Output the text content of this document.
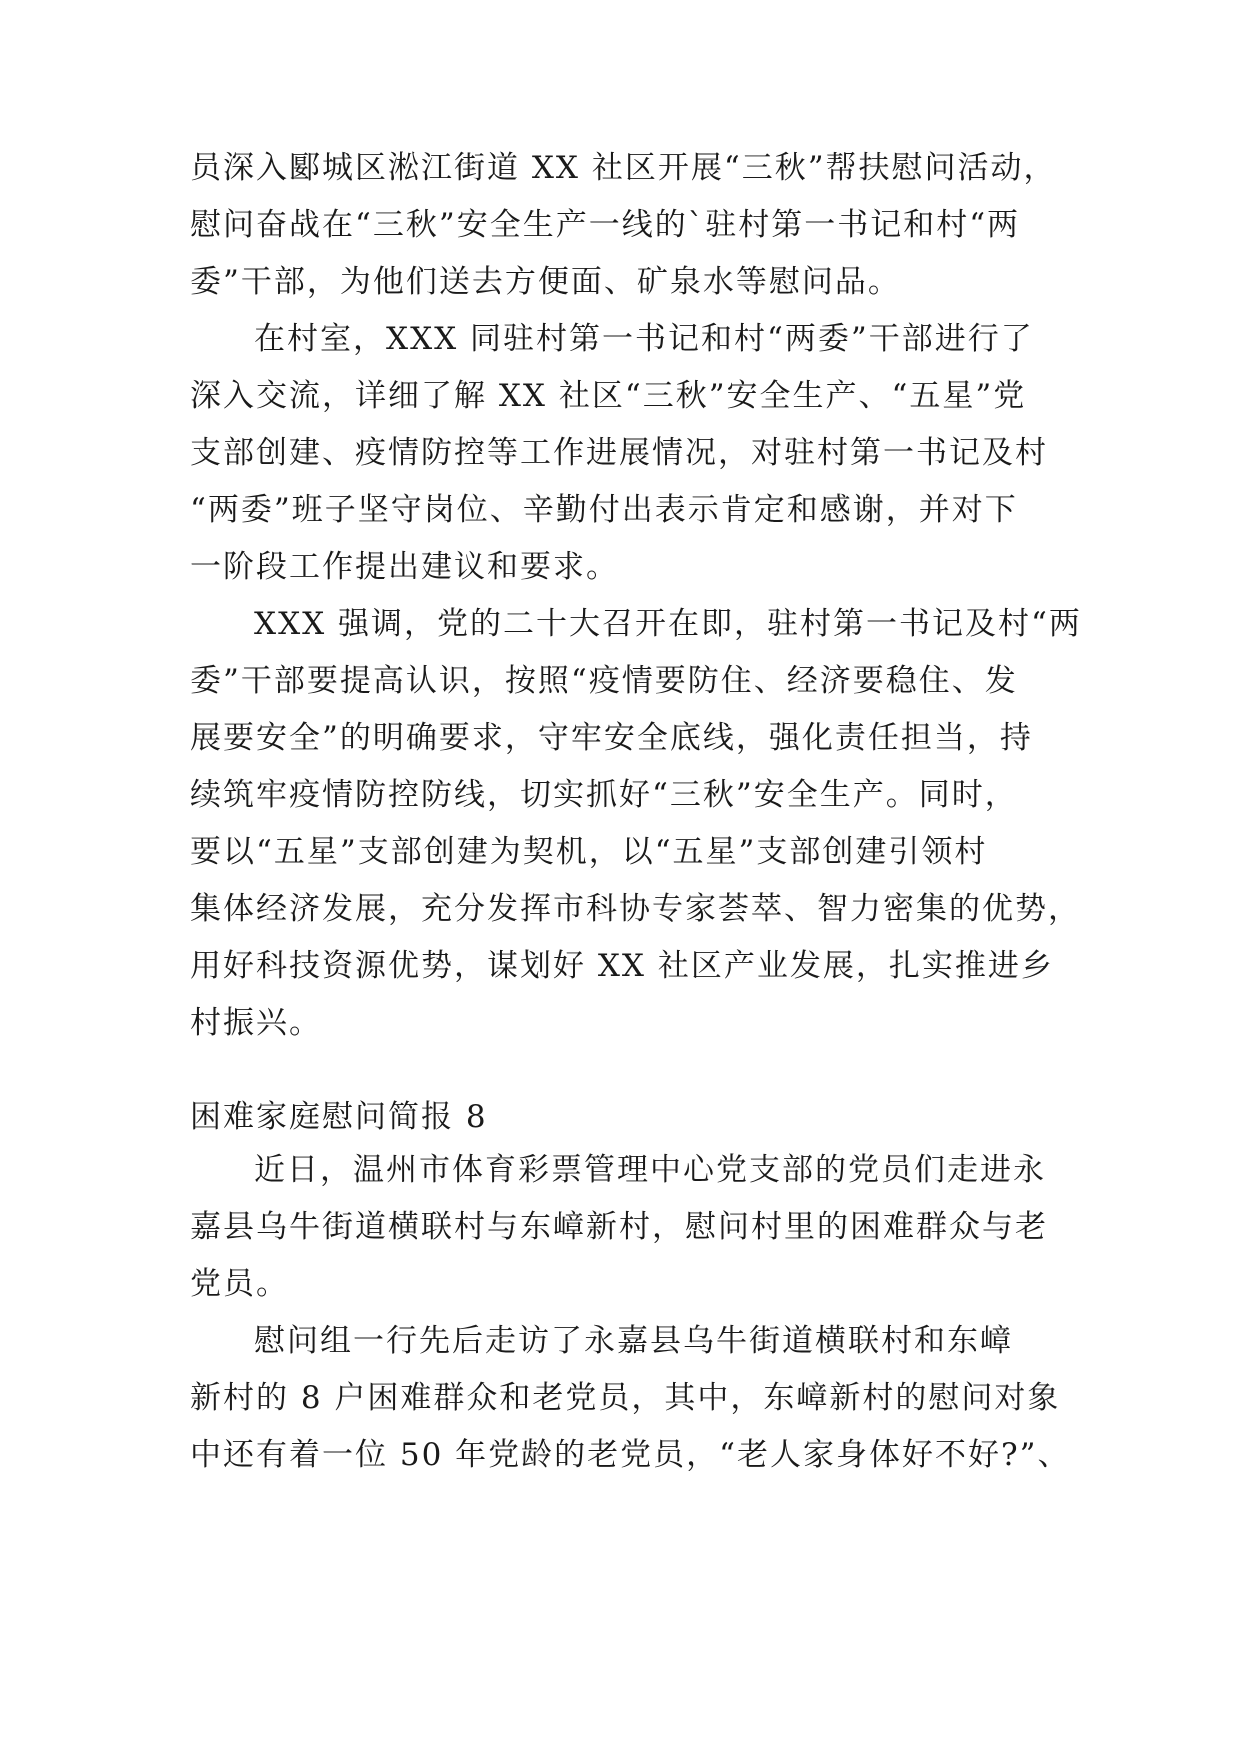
员深入郾城区淞江街道 XX 社区开展“三秋”帮扶慰问活动，
慰问奋战在“三秋”安全生产一线的`驻村第一书记和村“两
委”干部，为他们送去方便面、矿泉水等慰问品。
在村室，XXX 同驻村第一书记和村“两委”干部进行了
深入交流，详细了解 XX 社区“三秋”安全生产、“五星”党
支部创建、疫情防控等工作进展情况，对驻村第一书记及村
“两委”班子坚守岗位、辛勤付出表示肯定和感谢，并对下
一阶段工作提出建议和要求。
XXX 强调，党的二十大召开在即，驻村第一书记及村“两
委”干部要提高认识，按照“疫情要防住、经济要稳住、发
展要安全”的明确要求，守牢安全底线，强化责任担当，持
续筑牢疫情防控防线，切实抓好“三秋”安全生产。同时，
要以“五星”支部创建为契机，以“五星”支部创建引领村
集体经济发展，充分发挥市科协专家荟萃、智力密集的优势，
用好科技资源优势，谋划好 XX 社区产业发展，扎实推进乡
村振兴。
困难家庭慰问简报 8
近日，温州市体育彩票管理中心党支部的党员们走进永
嘉县乌牛街道横联村与东嶂新村，慰问村里的困难群众与老
党员。
慰问组一行先后走访了永嘉县乌牛街道横联村和东嶂
新村的 8 户困难群众和老党员，其中，东嶂新村的慰问对象
中还有着一位 50 年党龄的老党员，“老人家身体好不好?”、
